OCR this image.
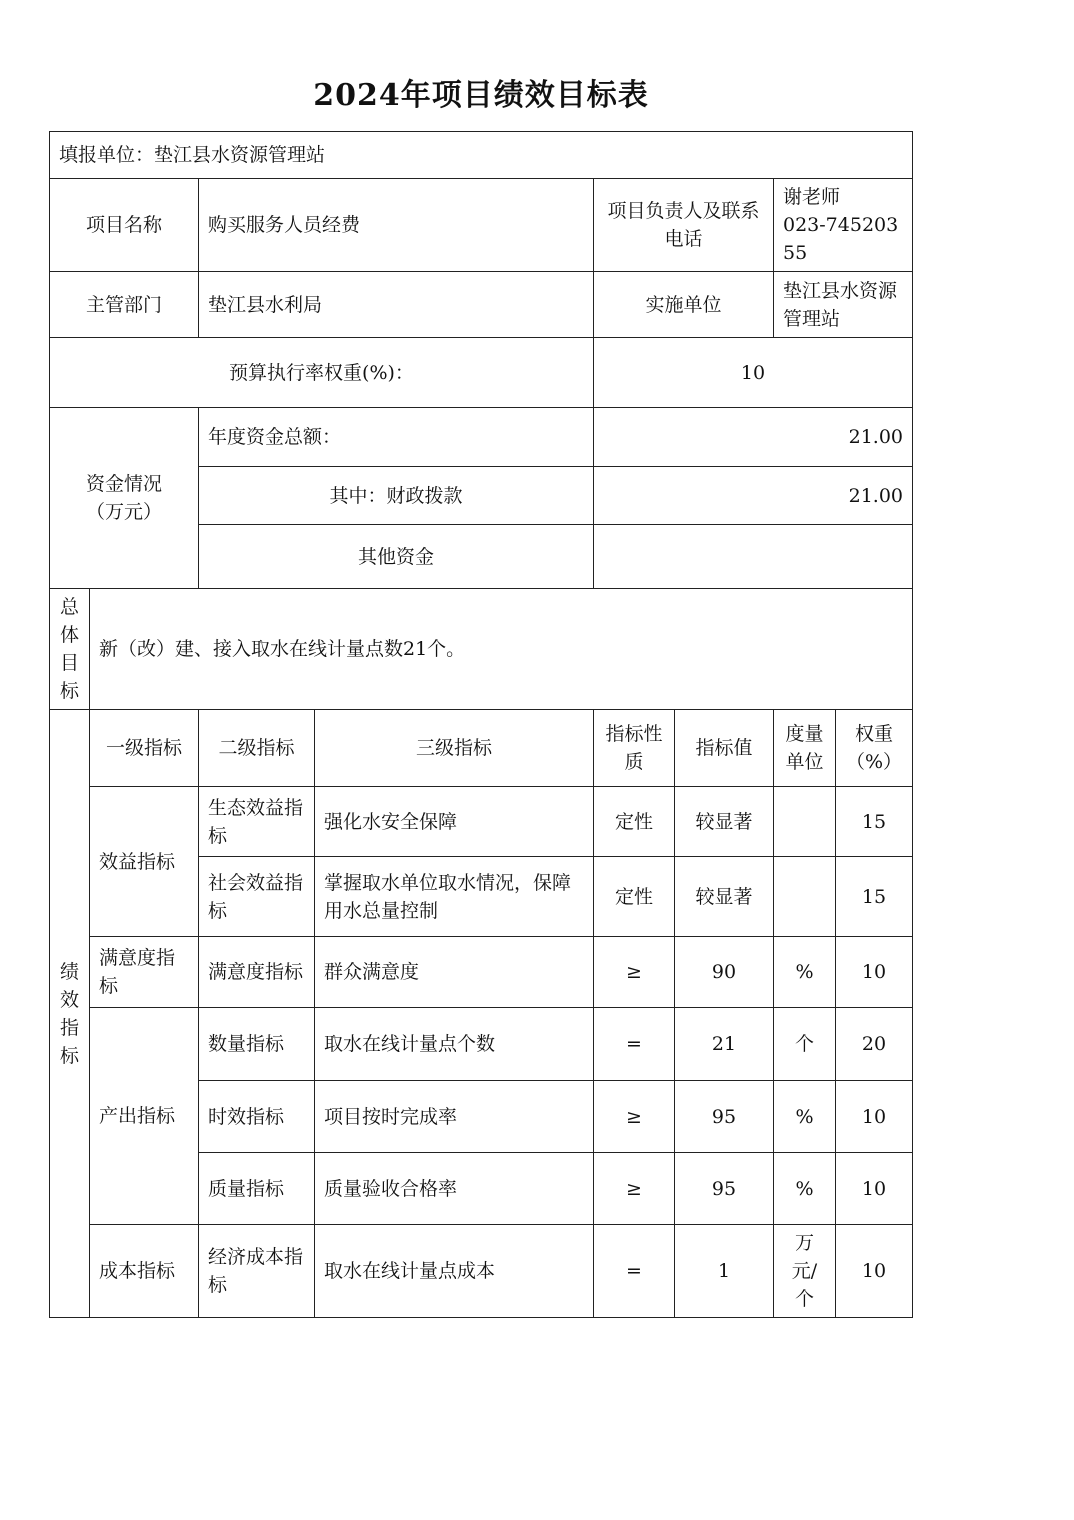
2024年项目绩效目标表
填报单位：垫江县水资源管理站							
项目名称		购买服务人员经费		项目负责人及联系电话		谢老师
023-74520355	

主管部门		垫江县水利局		实施单位		垫江县水资源管理站	
预算执行率权重(%)：				10			
资金情况（万元）		年度资金总额：		21.00			
		其中：财政拨款		21.00			
		其他资金					

总
体
目
标	新（改）建、接入取水在线计量点数21个。						

绩
效
指
标	一级指标	二级指标	三级指标	指标性质	指标值	度量单位	权重（%）
	效益指标	生态效益指标	强化水安全保障	定性	较显著		15
		社会效益指标	掌握取水单位取水情况，保障用水总量控制	定性	较显著		15
	满意度指标	满意度指标	群众满意度	≥	90	%	10
	产出指标	数量指标	取水在线计量点个数	=	21	个	20
		时效指标	项目按时完成率	≥	95	%	10
		质量指标	质量验收合格率	≥	95	%	10
	成本指标	经济成本指标	取水在线计量点成本	=	1	万元/个	10
